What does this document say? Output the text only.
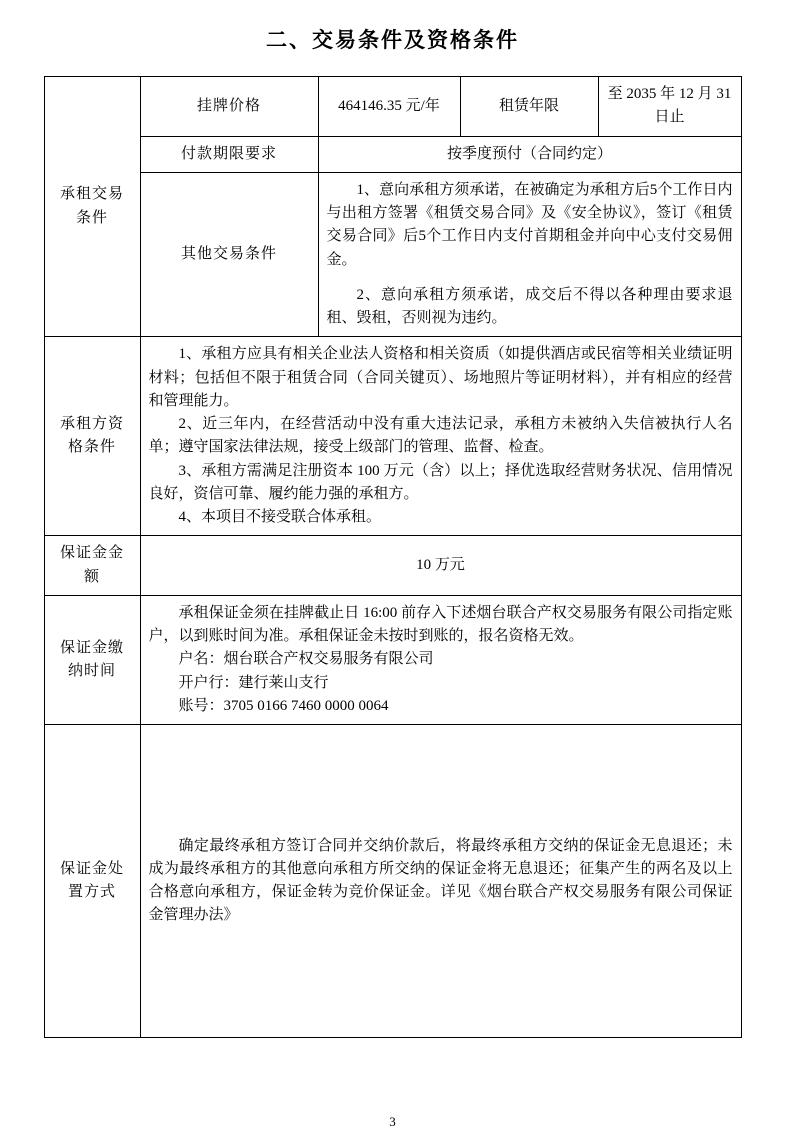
二、交易条件及资格条件
承租交易条件	挂牌价格	464146.35 元/年	租赁年限	至 2035 年 12 月 31 日止
	付款期限要求	按季度预付（合同约定）		
	其他交易条件	1、意向承租方须承诺，在被确定为承租方后5个工作日内与出租方签署《租赁交易合同》及《安全协议》，签订《租赁交易合同》后5个工作日内支付首期租金并向中心支付交易佣金。

2、意向承租方须承诺，成交后不得以各种理由要求退租、毁租，否则视为违约。		

承租方资格条件	1、承租方应具有相关企业法人资格和相关资质（如提供酒店或民宿等相关业绩证明材料；包括但不限于租赁合同（合同关键页）、场地照片等证明材料），并有相应的经营和管理能力。

2、近三年内，在经营活动中没有重大违法记录，承租方未被纳入失信被执行人名单；遵守国家法律法规，接受上级部门的管理、监督、检查。

3、承租方需满足注册资本 100 万元（含）以上；择优选取经营财务状况、信用情况良好，资信可靠、履约能力强的承租方。

4、本项目不接受联合体承租。			

保证金金额	10 万元			
保证金缴纳时间	承租保证金须在挂牌截止日 16:00 前存入下述烟台联合产权交易服务有限公司指定账户，以到账时间为准。承租保证金未按时到账的，报名资格无效。

户名：烟台联合产权交易服务有限公司

开户行：建行莱山支行

账号：3705 0166 7460 0000 0064			

保证金处置方式	确定最终承租方签订合同并交纳价款后，将最终承租方交纳的保证金无息退还；未成为最终承租方的其他意向承租方所交纳的保证金将无息退还；征集产生的两名及以上合格意向承租方，保证金转为竞价保证金。详见《烟台联合产权交易服务有限公司保证金管理办法》			

3
